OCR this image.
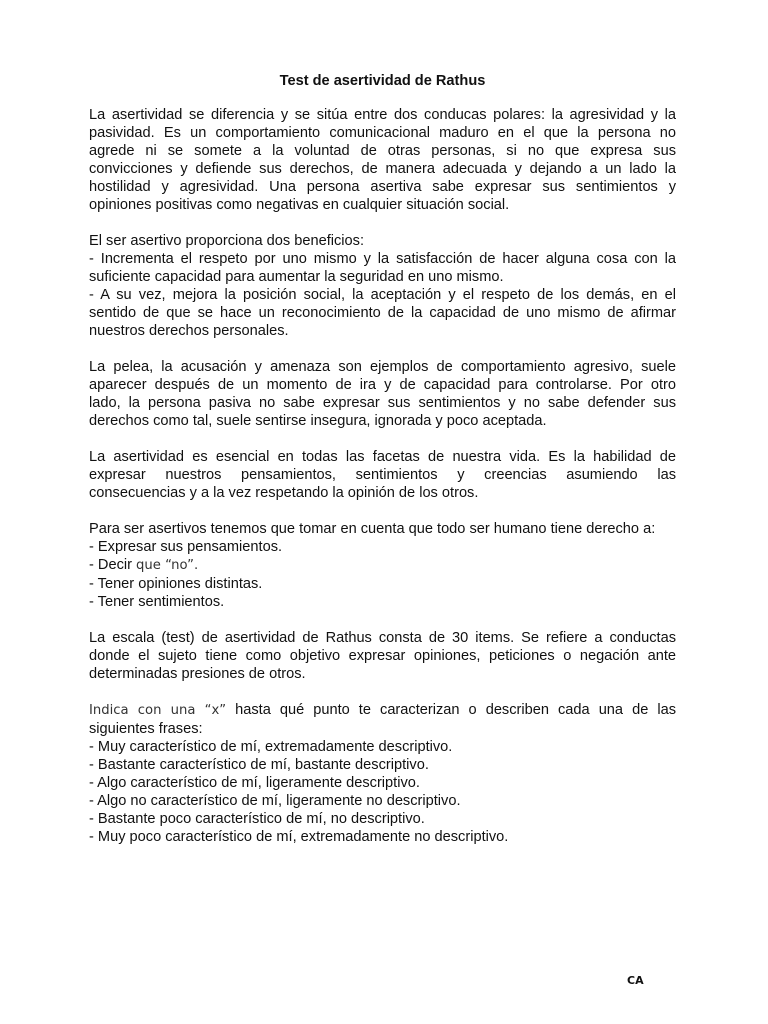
Test de asertividad de Rathus
La asertividad se diferencia y se sitúa entre dos conducas polares: la agresividad y la
pasividad. Es un comportamiento comunicacional maduro en el que la persona no
agrede ni se somete a la voluntad de otras personas, si no que expresa sus
convicciones y defiende sus derechos, de manera adecuada y dejando a un lado la
hostilidad y agresividad. Una persona asertiva sabe expresar sus sentimientos y
opiniones positivas como negativas en cualquier situación social.
El ser asertivo proporciona dos beneficios:
- Incrementa el respeto por uno mismo y la satisfacción de hacer alguna cosa con la
suficiente capacidad para aumentar la seguridad en uno mismo.
- A su vez, mejora la posición social, la aceptación y el respeto de los demás, en el
sentido de que se hace un reconocimiento de la capacidad de uno mismo de afirmar
nuestros derechos personales.
La pelea, la acusación y amenaza son ejemplos de comportamiento agresivo, suele
aparecer después de un momento de ira y de capacidad para controlarse. Por otro
lado, la persona pasiva no sabe expresar sus sentimientos y no sabe defender sus
derechos como tal, suele sentirse insegura, ignorada y poco aceptada.
La asertividad es esencial en todas las facetas de nuestra vida. Es la habilidad de
expresar nuestros pensamientos, sentimientos y creencias asumiendo las
consecuencias y a la vez respetando la opinión de los otros.
Para ser asertivos tenemos que tomar en cuenta que todo ser humano tiene derecho a:
- Expresar sus pensamientos.
- Decir que “no”.
- Tener opiniones distintas.
- Tener sentimientos.
La escala (test) de asertividad de Rathus consta de 30 items. Se refiere a conductas
donde el sujeto tiene como objetivo expresar opiniones, peticiones o negación ante
determinadas presiones de otros.
Indica con una “x” hasta qué punto te caracterizan o describen cada una de las
siguientes frases:
- Muy característico de mí, extremadamente descriptivo.
- Bastante característico de mí, bastante descriptivo.
- Algo característico de mí, ligeramente descriptivo.
- Algo no característico de mí, ligeramente no descriptivo.
- Bastante poco característico de mí, no descriptivo.
- Muy poco característico de mí, extremadamente no descriptivo.
CA
